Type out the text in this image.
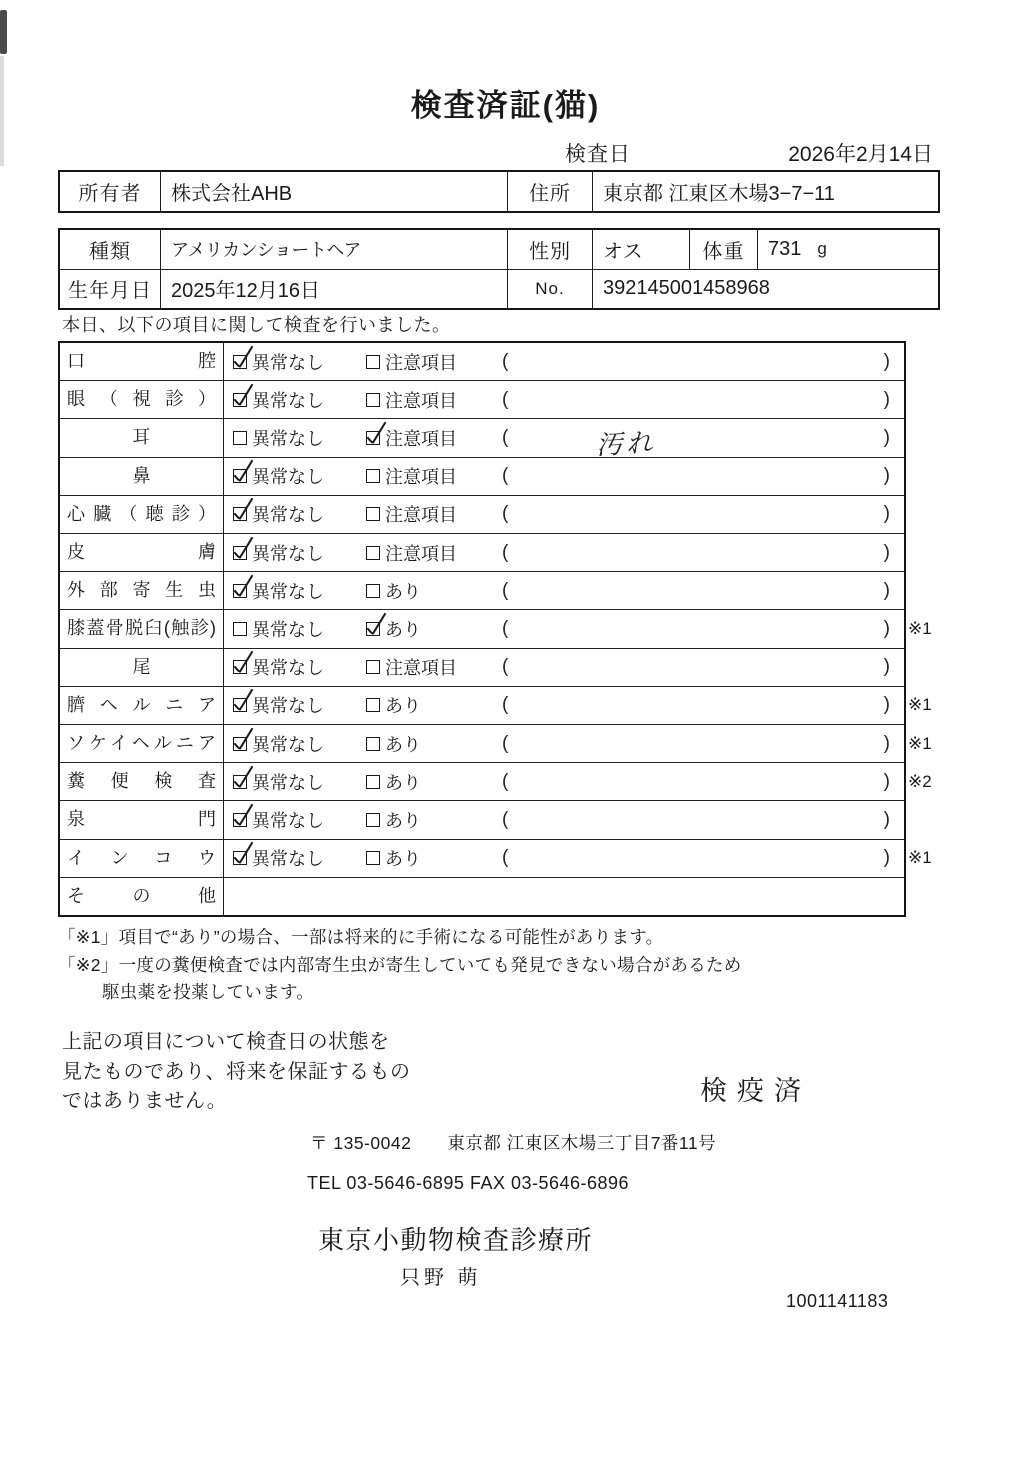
検査済証(猫)
検査日	2026年2月14日
所有者	株式会社AHB	住所	東京都 江東区木場3−7−11
種類	アメリカンショートヘア	性別	オス	体重	731 g
生年月日 2025年12月16日	No.	392145001458968
本日、以下の項目に関して検査を行いました。
口腔	異常なし	注意項目 (	)
眼（視診）	異常なし	注意項目 (	)
耳	異常なし	注意項目 (	汚れ	)
鼻	異常なし	注意項目 (	)
心臓（聴診）	異常なし	注意項目 (	)
皮膚	異常なし	注意項目 (	)
外部寄生虫	異常なし	あり	(	)
膝蓋骨脱臼(触診)	異常なし	あり	(	) ※1
尾	異常なし	注意項目 (	)
臍ヘルニア	異常なし	あり	(	) ※1
ソケイヘルニア	異常なし	あり	(	) ※1
糞便検査	異常なし	あり	(	) ※2
泉門	異常なし	あり	(	)
インコウ	異常なし	あり	(	) ※1
その他
「※1」項目で“あり”の場合、一部は将来的に手術になる可能性があります。
「※2」一度の糞便検査では内部寄生虫が寄生していても発見できない場合があるため
駆虫薬を投薬しています。
上記の項目について検査日の状態を
見たものであり、将来を保証するもの
ではありません。	検疫済
〒 135-0042 東京都 江東区木場三丁目7番11号
TEL 03-5646-6895 FAX 03-5646-6896
東京小動物検査診療所
只野 萌
1001141183
